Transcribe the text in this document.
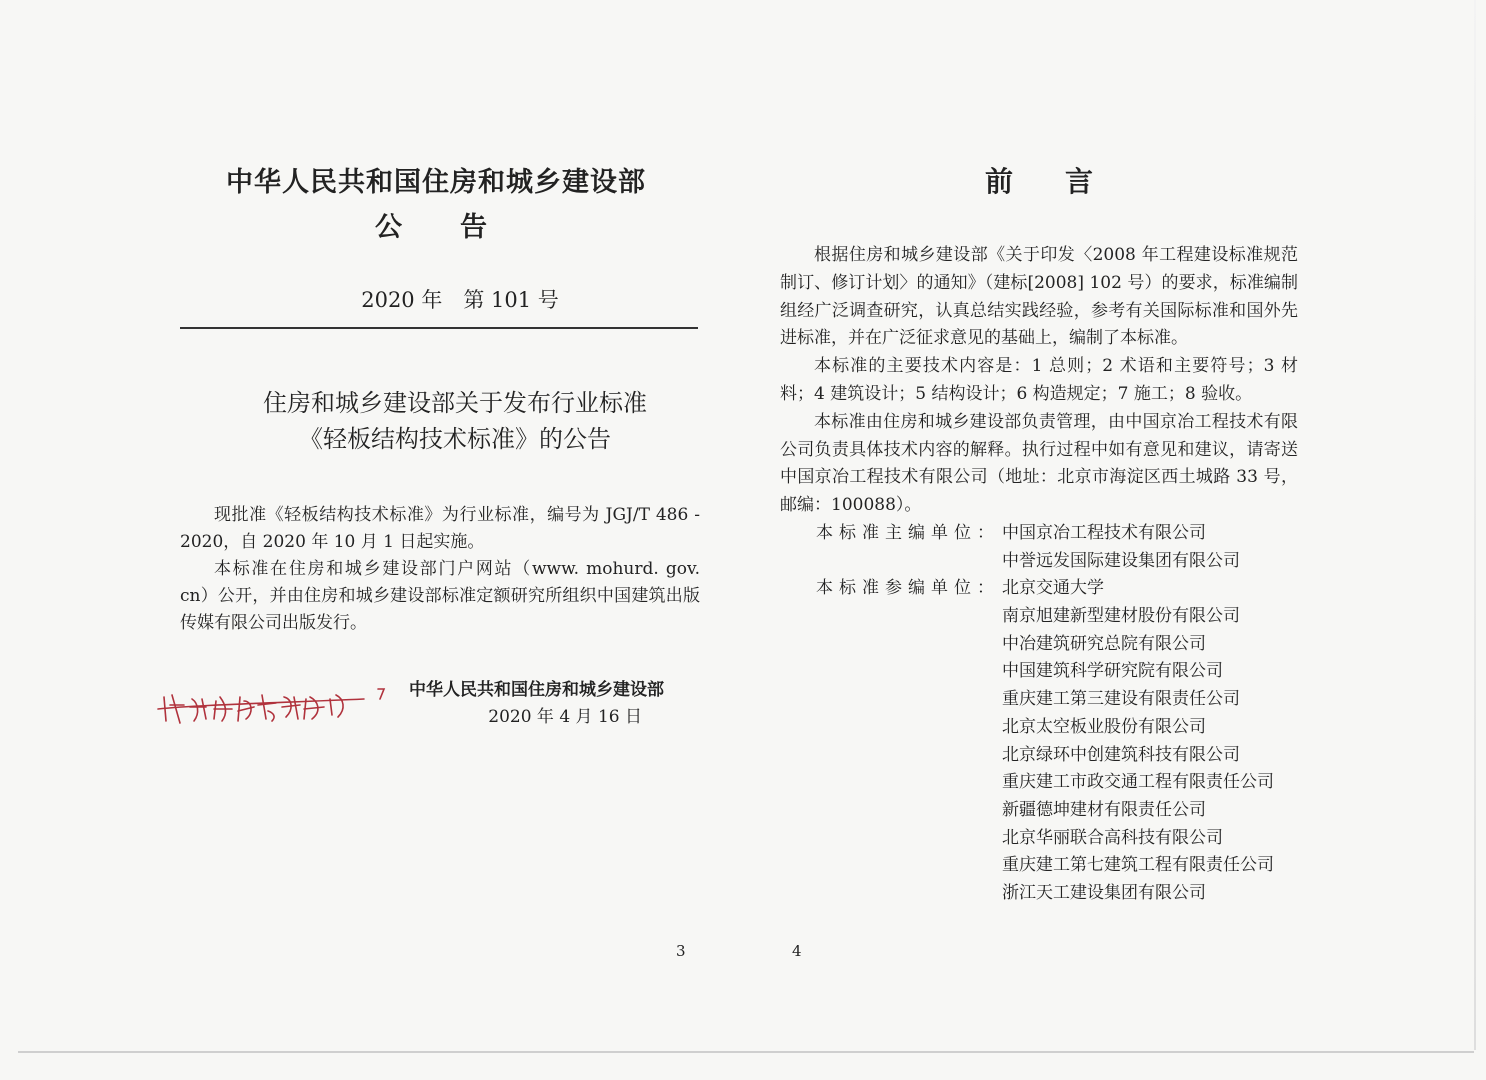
中华人民共和国住房和城乡建设部
公告
2020 年　第 101 号
住房和城乡建设部关于发布行业标准
《轻板结构技术标准》的公告

现批准《轻板结构技术标准》为行业标准，编号为 JGJ/T 486 - 2020，自 2020 年 10 月 1 日起实施。

本标准在住房和城乡建设部门户网站（www. mohurd. gov. cn）公开，并由住房和城乡建设部标准定额研究所组织中国建筑出版传媒有限公司出版发行。

中华人民共和国住房和城乡建设部
2020 年 4 月 16 日
前言

根据住房和城乡建设部《关于印发〈2008 年工程建设标准规范制订、修订计划〉的通知》（建标[2008] 102 号）的要求，标准编制组经广泛调查研究，认真总结实践经验，参考有关国际标准和国外先进标准，并在广泛征求意见的基础上，编制了本标准。

本标准的主要技术内容是：1 总则；2 术语和主要符号；3 材料；4 建筑设计；5 结构设计；6 构造规定；7 施工；8 验收。

本标准由住房和城乡建设部负责管理，由中国京冶工程技术有限公司负责具体技术内容的解释。执行过程中如有意见和建议，请寄送中国京冶工程技术有限公司（地址：北京市海淀区西土城路 33 号，邮编：100088）。

本标准主编单位： 中国京冶工程技术有限公司
中誉远发国际建设集团有限公司
本标准参编单位： 北京交通大学
南京旭建新型建材股份有限公司
中冶建筑研究总院有限公司
中国建筑科学研究院有限公司
重庆建工第三建设有限责任公司
北京太空板业股份有限公司
北京绿环中创建筑科技有限公司
重庆建工市政交通工程有限责任公司
新疆德坤建材有限责任公司
北京华丽联合高科技有限公司
重庆建工第七建筑工程有限责任公司
浙江天工建设集团有限公司
3	4
